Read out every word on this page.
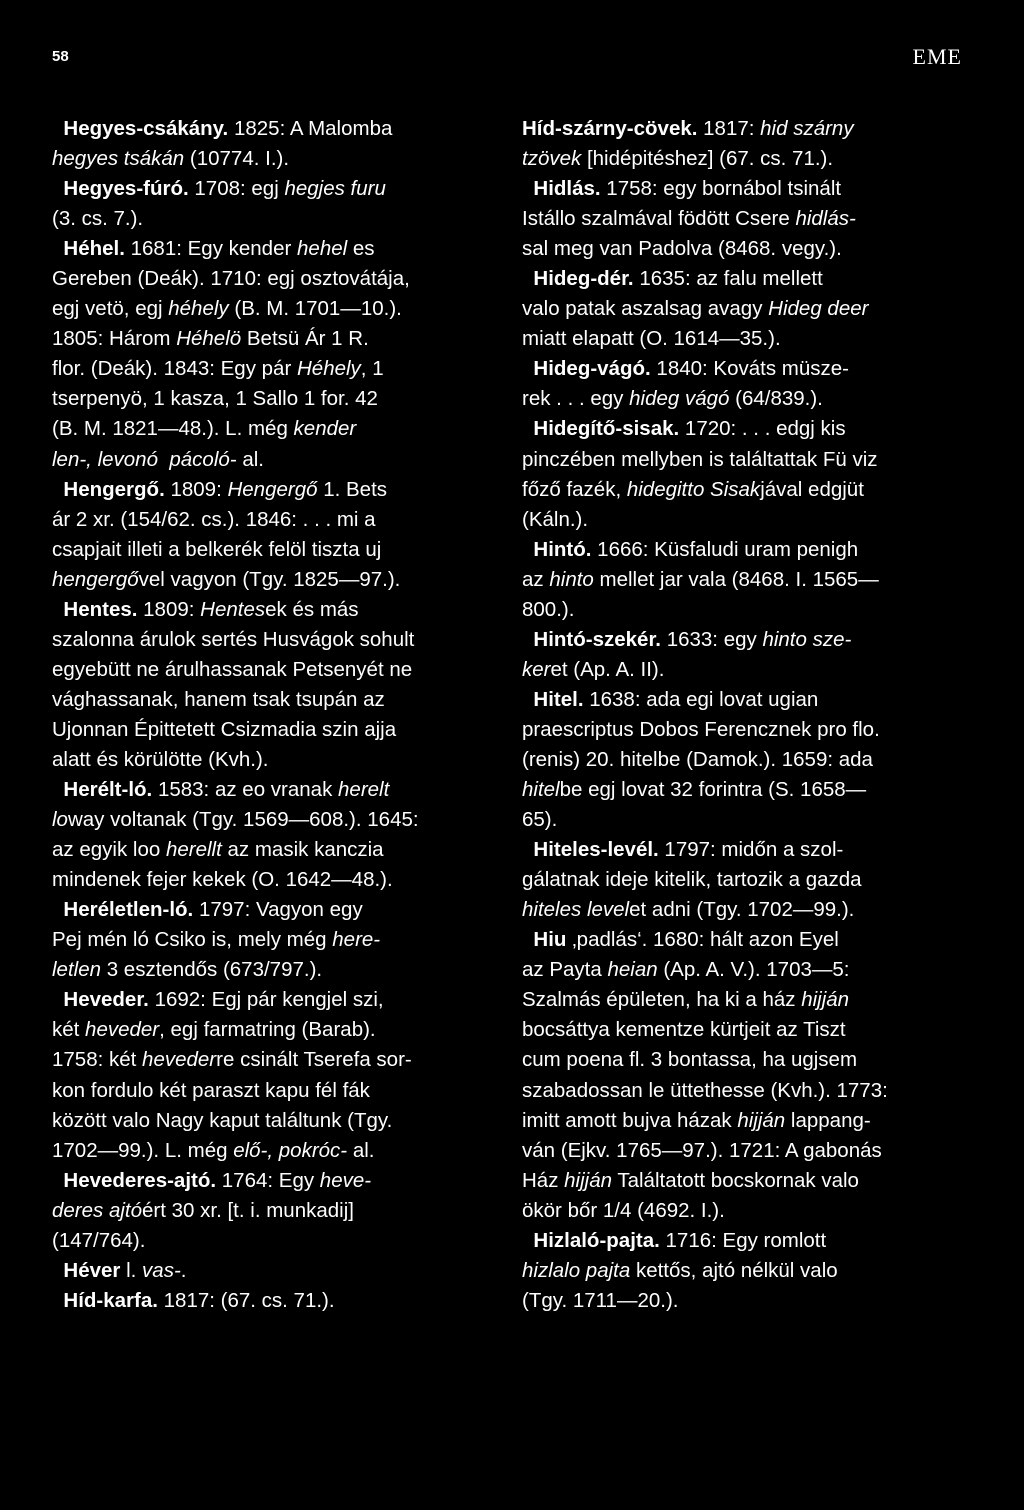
58	EME
Hegyes-csákány. 1825: A Malomba
hegyes tsákán (10774. I.).
Hegyes-fúró. 1708: egj hegjes furu
(3. cs. 7.).
Héhel. 1681: Egy kender hehel es
Gereben (Deák). 1710: egj osztovátája,
egj vetö, egj héhely (B. M. 1701—10.).
1805: Három Héhelö Betsü Ár 1 R.
flor. (Deák). 1843: Egy pár Héhely, 1
tserpenyö, 1 kasza, 1 Sallo 1 for. 42
(B. M. 1821—48.). L. még kender
len-, levonó  pácoló- al.
Hengergő. 1809: Hengergő 1. Bets
ár 2 xr. (154/62. cs.). 1846: . . . mi a
csapjait illeti a belkerék felöl tiszta uj
hengergővel vagyon (Tgy. 1825—97.).
Hentes. 1809: Hentesek és más
szalonna árulok sertés Husvágok sohult
egyebütt ne árulhassanak Petsenyét ne
vághassanak, hanem tsak tsupán az
Ujonnan Épittetett Csizmadia szin ajja
alatt és körülötte (Kvh.).
Herélt-ló. 1583: az eo vranak herelt
loway voltanak (Tgy. 1569—608.). 1645:
az egyik loo herellt az masik kanczia
mindenek fejer kekek (O. 1642—48.).
Heréletlen-ló. 1797: Vagyon egy
Pej mén ló Csiko is, mely még here-
letlen 3 esztendős (673/797.).
Heveder. 1692: Egj pár kengjel szi,
két heveder, egj farmatring (Barab).
1758: két hevederre csinált Tserefa sor-
kon fordulo két paraszt kapu fél fák
között valo Nagy kaput találtunk (Tgy.
1702—99.). L. még elő-, pokróc- al.
Hevederes-ajtó. 1764: Egy heve-
deres ajtóért 30 xr. [t. i. munkadij]
(147/764).
Héver l. vas-.
Híd-karfa. 1817: (67. cs. 71.).
Híd-szárny-cövek. 1817: hid szárny
tzövek [hidépitéshez] (67. cs. 71.).
Hidlás. 1758: egy bornábol tsinált
Istállo szalmával födött Csere hidlás-
sal meg van Padolva (8468. vegy.).
Hideg-dér. 1635: az falu mellett
valo patak aszalsag avagy Hideg deer
miatt elapatt (O. 1614—35.).
Hideg-vágó. 1840: Kováts müsze-
rek . . . egy hideg vágó (64/839.).
Hidegítő-sisak. 1720: . . . edgj kis
pinczében mellyben is találtattak Fü viz
főző fazék, hidegitto Sisakjával edgjüt
(Káln.).
Hintó. 1666: Küsfaludi uram penigh
az hinto mellet jar vala (8468. I. 1565—
800.).
Hintó-szekér. 1633: egy hinto sze-
keret (Ap. A. II).
Hitel. 1638: ada egi lovat ugian
praescriptus Dobos Ferencznek pro flo.
(renis) 20. hitelbe (Damok.). 1659: ada
hitelbe egj lovat 32 forintra (S. 1658—
65).
Hiteles-levél. 1797: midőn a szol-
gálatnak ideje kitelik, tartozik a gazda
hiteles levelet adni (Tgy. 1702—99.).
Hiu ‚padlás‘. 1680: hált azon Eyel
az Payta heian (Ap. A. V.). 1703—5:
Szalmás épületen, ha ki a ház hijján
bocsáttya kementze kürtjeit az Tiszt
cum poena fl. 3 bontassa, ha ugjsem
szabadossan le üttethesse (Kvh.). 1773:
imitt amott bujva házak hijján lappang-
ván (Ejkv. 1765—97.). 1721: A gabonás
Ház hijján Találtatott bocskornak valo
ökör bőr 1/4 (4692. I.).
Hizlaló-pajta. 1716: Egy romlott
hizlalo pajta kettős, ajtó nélkül valo
(Tgy. 1711—20.).
